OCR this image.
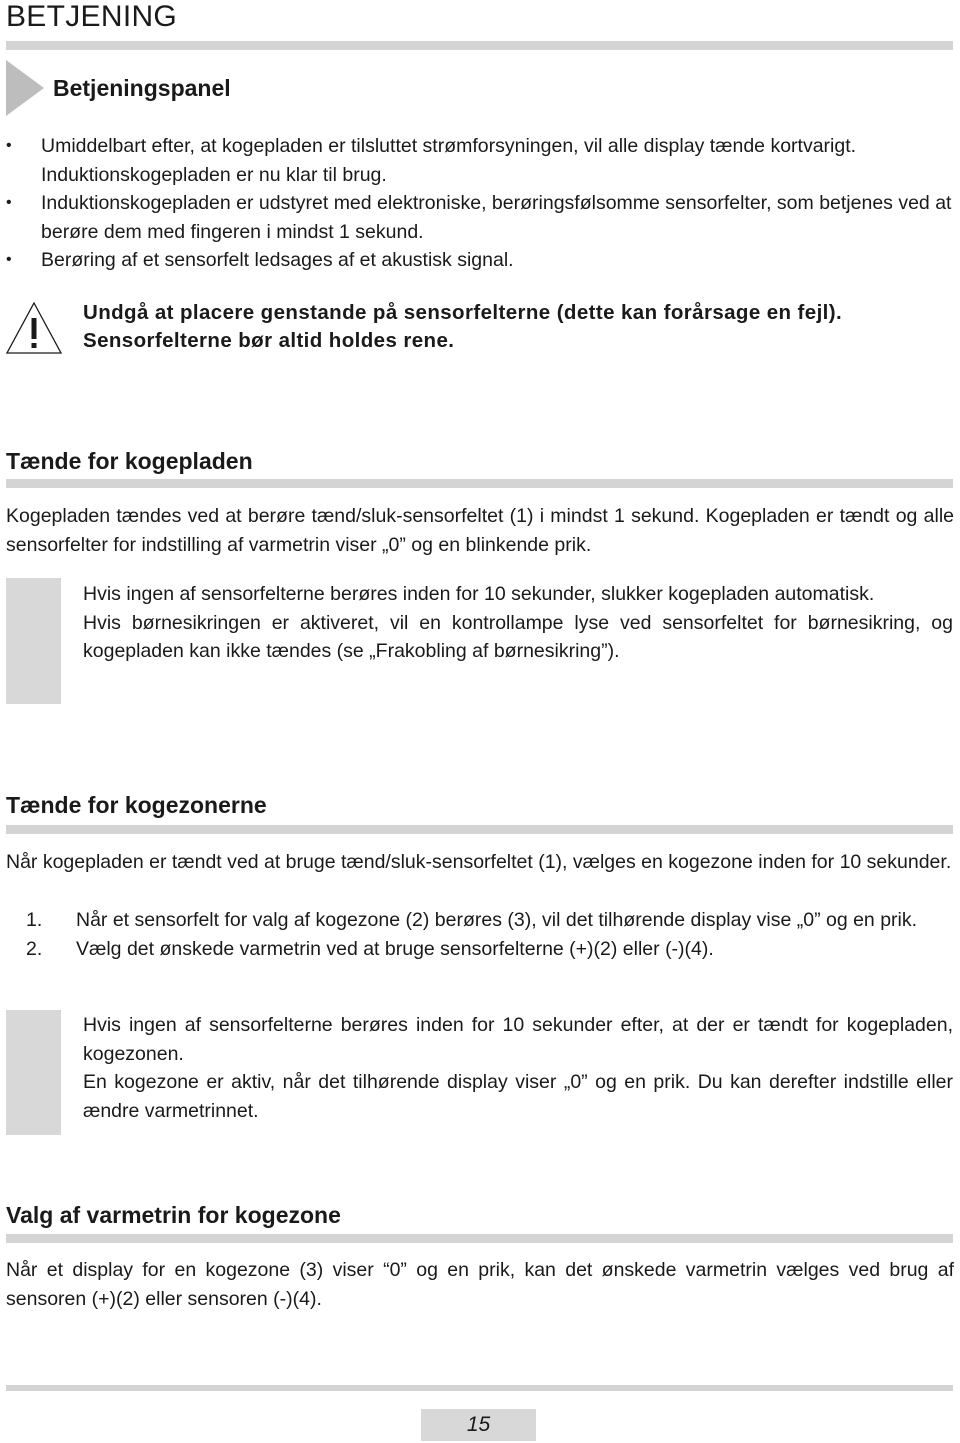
BETJENING
Betjeningspanel
• Umiddelbart efter, at kogepladen er tilsluttet strømforsyningen, vil alle display tænde kortvarigt. Induktionskogepladen er nu klar til brug.
• Induktionskogepladen er udstyret med elektroniske, berøringsfølsomme sensorfelter, som betjenes ved at berøre dem med fingeren i mindst 1 sekund.
• Berøring af et sensorfelt ledsages af et akustisk signal.
Undgå at placere genstande på sensorfelterne (dette kan forårsage en fejl).
Sensorfelterne bør altid holdes rene.
Tænde for kogepladen
Kogepladen tændes ved at berøre tænd/sluk-sensorfeltet (1) i mindst 1 sekund. Kogepladen er tændt og alle sensorfelter for indstilling af varmetrin viser „0” og en blinkende prik.
Hvis ingen af sensorfelterne berøres inden for 10 sekunder, slukker kogepladen automatisk.
Hvis børnesikringen er aktiveret, vil en kontrollampe lyse ved sensorfeltet for børnesikring, og kogepladen kan ikke tændes (se „Frakobling af børnesikring”).
Tænde for kogezonerne
Når kogepladen er tændt ved at bruge tænd/sluk-sensorfeltet (1), vælges en kogezone inden for 10 sekunder.
1. Når et sensorfelt for valg af kogezone (2) berøres (3), vil det tilhørende display vise „0” og en prik.
2. Vælg det ønskede varmetrin ved at bruge sensorfelterne (+)(2) eller (-)(4).
Hvis ingen af sensorfelterne berøres inden for 10 sekunder efter, at der er tændt for kogepladen, kogezonen.
En kogezone er aktiv, når det tilhørende display viser „0” og en prik. Du kan derefter indstille eller ændre varmetrinnet.
Valg af varmetrin for kogezone
Når et display for en kogezone (3) viser “0” og en prik, kan det ønskede varmetrin vælges ved brug af sensoren (+)(2) eller sensoren (-)(4).
15
